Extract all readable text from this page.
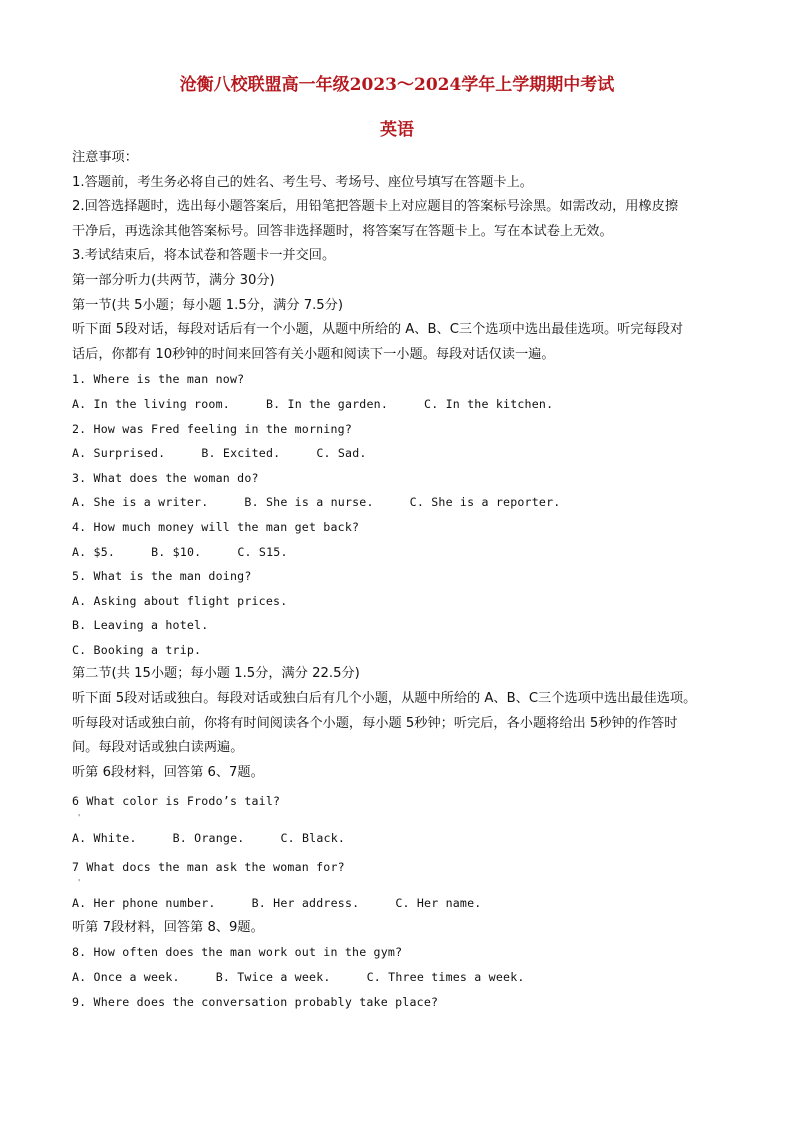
沧衡八校联盟高一年级2023～2024学年上学期期中考试
英语
注意事项：
1.答题前，考生务必将自己的姓名、考生号、考场号、座位号填写在答题卡上。
2.回答选择题时，选出每小题答案后，用铅笔把答题卡上对应题目的答案标号涂黑。如需改动，用橡皮擦
干净后，再选涂其他答案标号。回答非选择题时，将答案写在答题卡上。写在本试卷上无效。
3.考试结束后，将本试卷和答题卡一并交回。
第一部分听力(共两节，满分 30分)
第一节(共 5小题；每小题 1.5分，满分 7.5分)
听下面 5段对话，每段对话后有一个小题，从题中所给的 A、B、C三个选项中选出最佳选项。听完每段对
话后，你都有 10秒钟的时间来回答有关小题和阅读下一小题。每段对话仅读一遍。
1. Where is the man now?
A. In the living room.	B. In the garden.	C. In the kitchen.
2. How was Fred feeling in the morning?
A. Surprised.	B. Excited.	C. Sad.
3. What does the woman do?
A. She is a writer.	B. She is a nurse.	C. She is a reporter.
4. How much money will the man get back?
A. $5.	B. $10.	C. S15.
5. What is the man doing?
A. Asking about flight prices.
B. Leaving a hotel.
C. Booking a trip.
第二节(共 15小题；每小题 1.5分，满分 22.5分)
听下面 5段对话或独白。每段对话或独白后有几个小题，从题中所给的 A、B、C三个选项中选出最佳选项。
听每段对话或独白前，你将有时间阅读各个小题，每小题 5秒钟；听完后，各小题将给出 5秒钟的作答时
间。每段对话或独白读两遍。
听第 6段材料，回答第 6、7题。
6 What color is Frodo’s tail?
'
A. White.	B. Orange.	C. Black.
7 What docs the man ask the woman for?
'
A. Her phone number.	B. Her address.	C. Her name.
听第 7段材料，回答第 8、9题。
8. How often does the man work out in the gym?
A. Once a week.	B. Twice a week.	C. Three times a week.
9. Where does the conversation probably take place?
